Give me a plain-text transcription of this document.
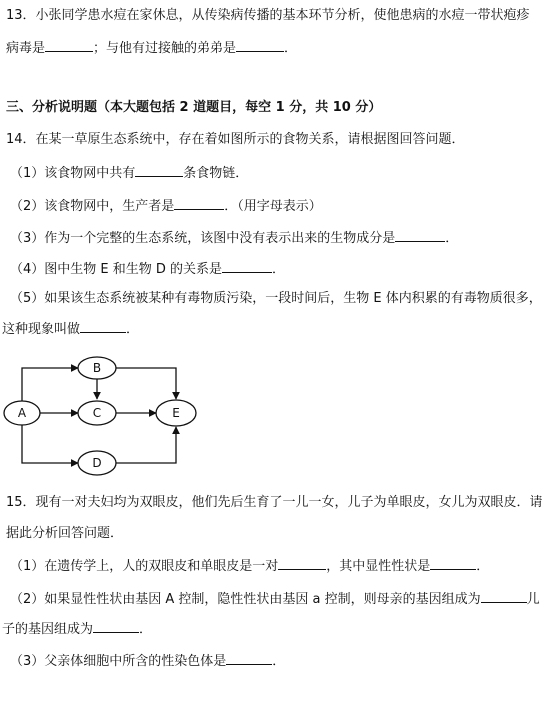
13．小张同学患水痘在家休息，从传染病传播的基本环节分析，使他患病的水痘一带状疱疹
病毒是	；与他有过接触的弟弟是	．
三、分析说明题（本大题包括 2 道题目，每空 1 分，共 10 分）
14．在某一草原生态系统中，存在着如图所示的食物关系，请根据图回答问题．
（1）该食物网中共有	条食物链．
（2）该食物网中，生产者是	．（用字母表示）
（3）作为一个完整的生态系统，该图中没有表示出来的生物成分是	．
（4）图中生物 E 和生物 D 的关系是	．
（5）如果该生态系统被某种有毒物质污染，一段时间后，生物 E 体内积累的有毒物质很多，
这种现象叫做	．
A
B
C
D
E
15．现有一对夫妇均为双眼皮，他们先后生育了一儿一女，儿子为单眼皮，女儿为双眼皮．请
据此分析回答问题．
（1）在遗传学上，人的双眼皮和单眼皮是一对	，其中显性性状是	．
（2）如果显性性状由基因 A 控制，隐性性状由基因 a 控制，则母亲的基因组成为	儿
子的基因组成为	．
（3）父亲体细胞中所含的性染色体是	．
